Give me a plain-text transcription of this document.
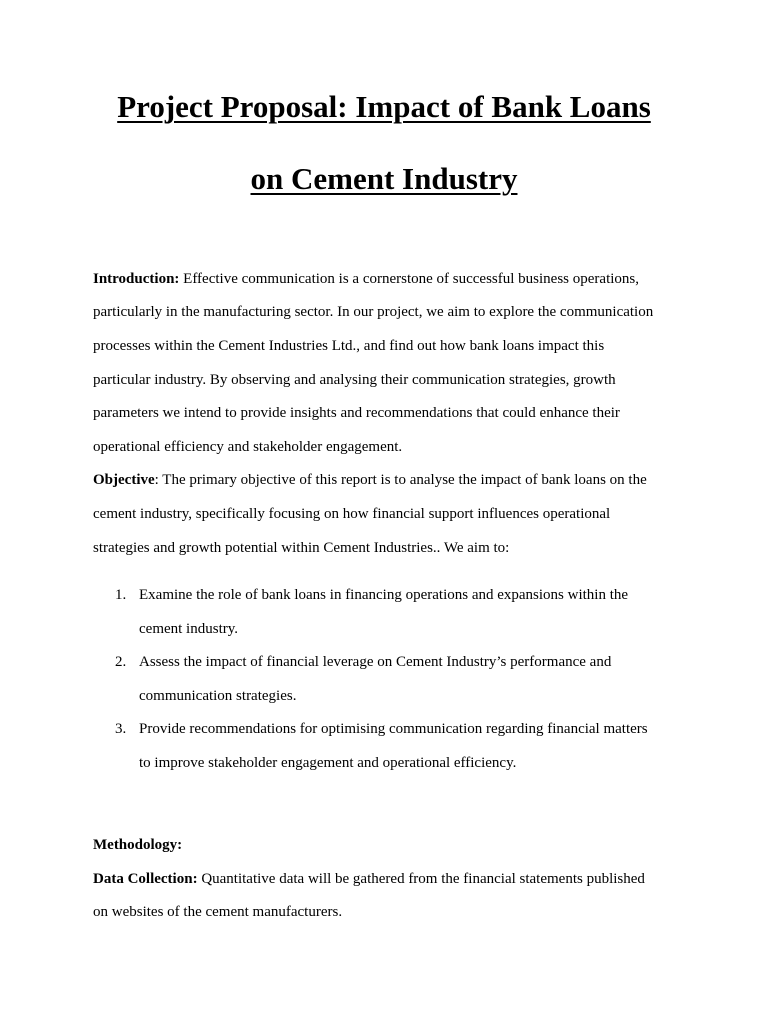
Project Proposal: Impact of Bank Loans
on Cement Industry

Introduction: Effective communication is a cornerstone of successful business operations,

particularly in the manufacturing sector. In our project, we aim to explore the communication

processes within the Cement Industries Ltd., and find out how bank loans impact this

particular industry. By observing and analysing their communication strategies, growth

parameters we intend to provide insights and recommendations that could enhance their

operational efficiency and stakeholder engagement.

Objective: The primary objective of this report is to analyse the impact of bank loans on the

cement industry, specifically focusing on how financial support influences operational

strategies and growth potential within Cement Industries.. We aim to:

1. Examine the role of bank loans in financing operations and expansions within the
cement industry.
2. Assess the impact of financial leverage on Cement Industry’s performance and
communication strategies.
3. Provide recommendations for optimising communication regarding financial matters
to improve stakeholder engagement and operational efficiency.

Methodology:

Data Collection: Quantitative data will be gathered from the financial statements published

on websites of the cement manufacturers.
